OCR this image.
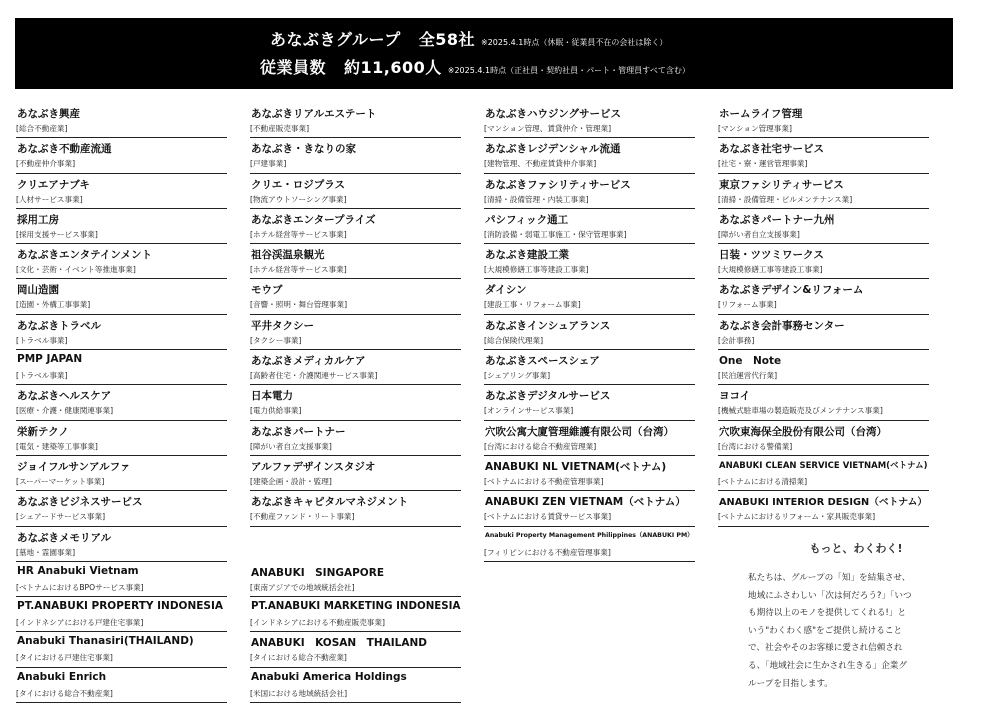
あなぶきグループ 全58社 ※2025.4.1時点（休眠・従業員不在の会社は除く）
従業員数 約11,600人 ※2025.4.1時点（正社員・契約社員・パート・管理員すべて含む）
あなぶき興産
[総合不動産業]
あなぶき不動産流通
[不動産仲介事業]
クリエアナブキ
[人材サービス事業]
採用工房
[採用支援サービス事業]
あなぶきエンタテインメント
[文化・芸術・イベント等推進事業]
岡山造園
[造園・外構工事事業]
あなぶきトラベル
[トラベル事業]
PMP JAPAN
[トラベル事業]
あなぶきヘルスケア
[医療・介護・健康関連事業]
栄新テクノ
[電気・建築等工事事業]
ジョイフルサンアルファ
[スーパーマーケット事業]
あなぶきビジネスサービス
[シェアードサービス事業]
あなぶきメモリアル
[墓地・霊園事業]
HR Anabuki Vietnam
[ベトナムにおけるBPOサービス事業]
PT.ANABUKI PROPERTY INDONESIA
[インドネシアにおける戸建住宅事業]
Anabuki Thanasiri(THAILAND)
[タイにおける戸建住宅事業]
Anabuki Enrich
[タイにおける総合不動産業]
あなぶきリアルエステート
[不動産販売事業]
あなぶき・きなりの家
[戸建事業]
クリエ・ロジプラス
[物流アウトソーシング事業]
あなぶきエンタープライズ
[ホテル経営等サービス事業]
祖谷渓温泉観光
[ホテル経営等サービス事業]
モウブ
[音響・照明・舞台管理事業]
平井タクシー
[タクシー事業]
あなぶきメディカルケア
[高齢者住宅・介護関連サービス事業]
日本電力
[電力供給事業]
あなぶきパートナー
[障がい者自立支援事業]
アルファデザインスタジオ
[建築企画・設計・監理]
あなぶきキャピタルマネジメント
[不動産ファンド・リート事業]
ANABUKI　SINGAPORE
[東南アジアでの地域統括会社]
PT.ANABUKI MARKETING INDONESIA
[インドネシアにおける不動産販売事業]
ANABUKI　KOSAN　THAILAND
[タイにおける総合不動産業]
Anabuki America Holdings
[米国における地域統括会社]
あなぶきハウジングサービス
[マンション管理、賃貸仲介・管理業]
あなぶきレジデンシャル流通
[建物管理、不動産賃貸仲介事業]
あなぶきファシリティサービス
[清掃・設備管理・内装工事業]
パシフィック通工
[消防設備・弱電工事施工・保守管理事業]
あなぶき建設工業
[大規模修繕工事等建設工事業]
ダイシン
[建設工事・リフォーム事業]
あなぶきインシュアランス
[総合保険代理業]
あなぶきスペースシェア
[シェアリング事業]
あなぶきデジタルサービス
[オンラインサービス事業]
穴吹公寓大廈管理維護有限公司（台湾）
[台湾における総合不動産管理業]
ANABUKI NL VIETNAM(ベトナム)
[ベトナムにおける不動産管理事業]
ANABUKI ZEN VIETNAM（ベトナム）
[ベトナムにおける賃貸サービス事業]
Anabuki Property Management Philippines（ANABUKI PM）
[フィリピンにおける不動産管理事業]
ホームライフ管理
[マンション管理事業]
あなぶき社宅サービス
[社宅・寮・運営管理事業]
東京ファシリティサービス
[清掃・設備管理・ビルメンテナンス業]
あなぶきパートナー九州
[障がい者自立支援事業]
日装・ツツミワークス
[大規模修繕工事等建設工事業]
あなぶきデザイン&リフォーム
[リフォーム事業]
あなぶき会計事務センター
[会計事務]
One　Note
[民泊運営代行業]
ヨコイ
[機械式駐車場の製造販売及びメンテナンス事業]
穴吹東海保全股份有限公司（台湾）
[台湾における警備業]
ANABUKI CLEAN SERVICE VIETNAM(ベトナム)
[ベトナムにおける清掃業]
ANABUKI INTERIOR DESIGN（ベトナム）
[ベトナムにおけるリフォーム・家具販売事業]
もっと、わくわく!
私たちは、グループの「知」を結集させ、
地域にふさわしい「次は何だろう?」「いつ
も期待以上のモノを提供してくれる!」と
いう"わくわく感"をご提供し続けること
で、社会やそのお客様に愛され信頼され
る、「地域社会に生かされ生きる」企業グ
ループを目指します。
